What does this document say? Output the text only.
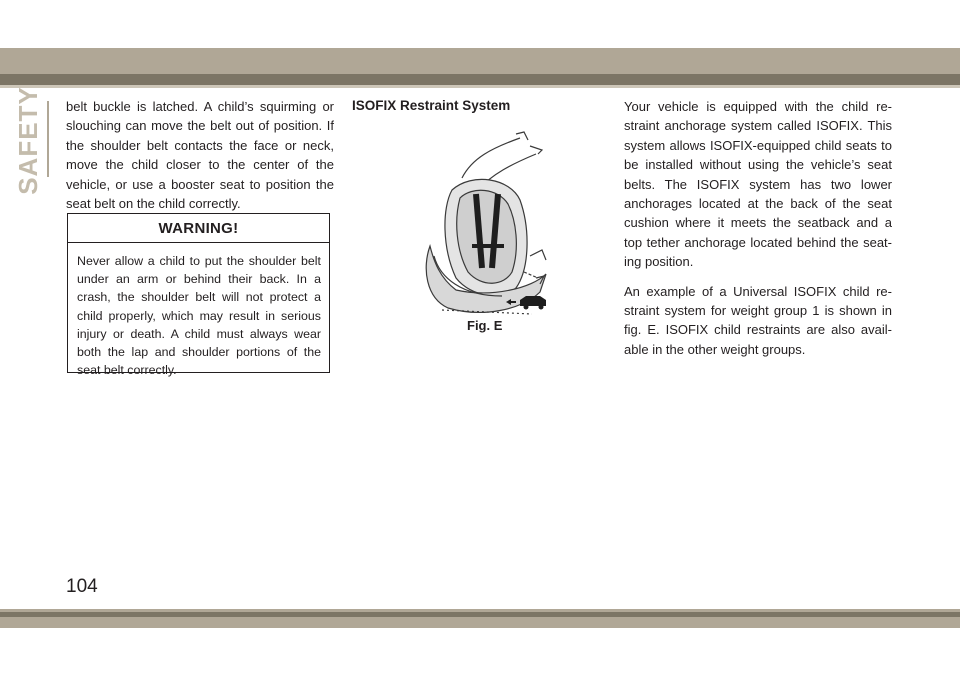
SAFETY belt buckle is latched. A child’s squirming or slouching can move the belt out of position. If the shoulder belt contacts the face or neck, move the child closer to the center of the vehicle, or use a booster seat to position the seat belt on the child correctly.

WARNING!

Never allow a child to put the shoulder belt under an arm or behind their back. In a crash, the shoulder belt will not protect a child properly, which may result in serious injury or death. A child must always wear both the lap and shoulder portions of the seat belt correctly.

ISOFIX Restraint System
Fig. E

Your vehicle is equipped with the child re-straint anchorage system called ISOFIX. This system allows ISOFIX-equipped child seats to be installed without using the vehicle’s seat belts. The ISOFIX system has two lower anchorages located at the back of the seat cushion where it meets the seatback and a top tether anchorage located behind the seat-ing position.

An example of a Universal ISOFIX child re-straint system for weight group 1 is shown in fig. E. ISOFIX child restraints are also avail-able in the other weight groups.

104
